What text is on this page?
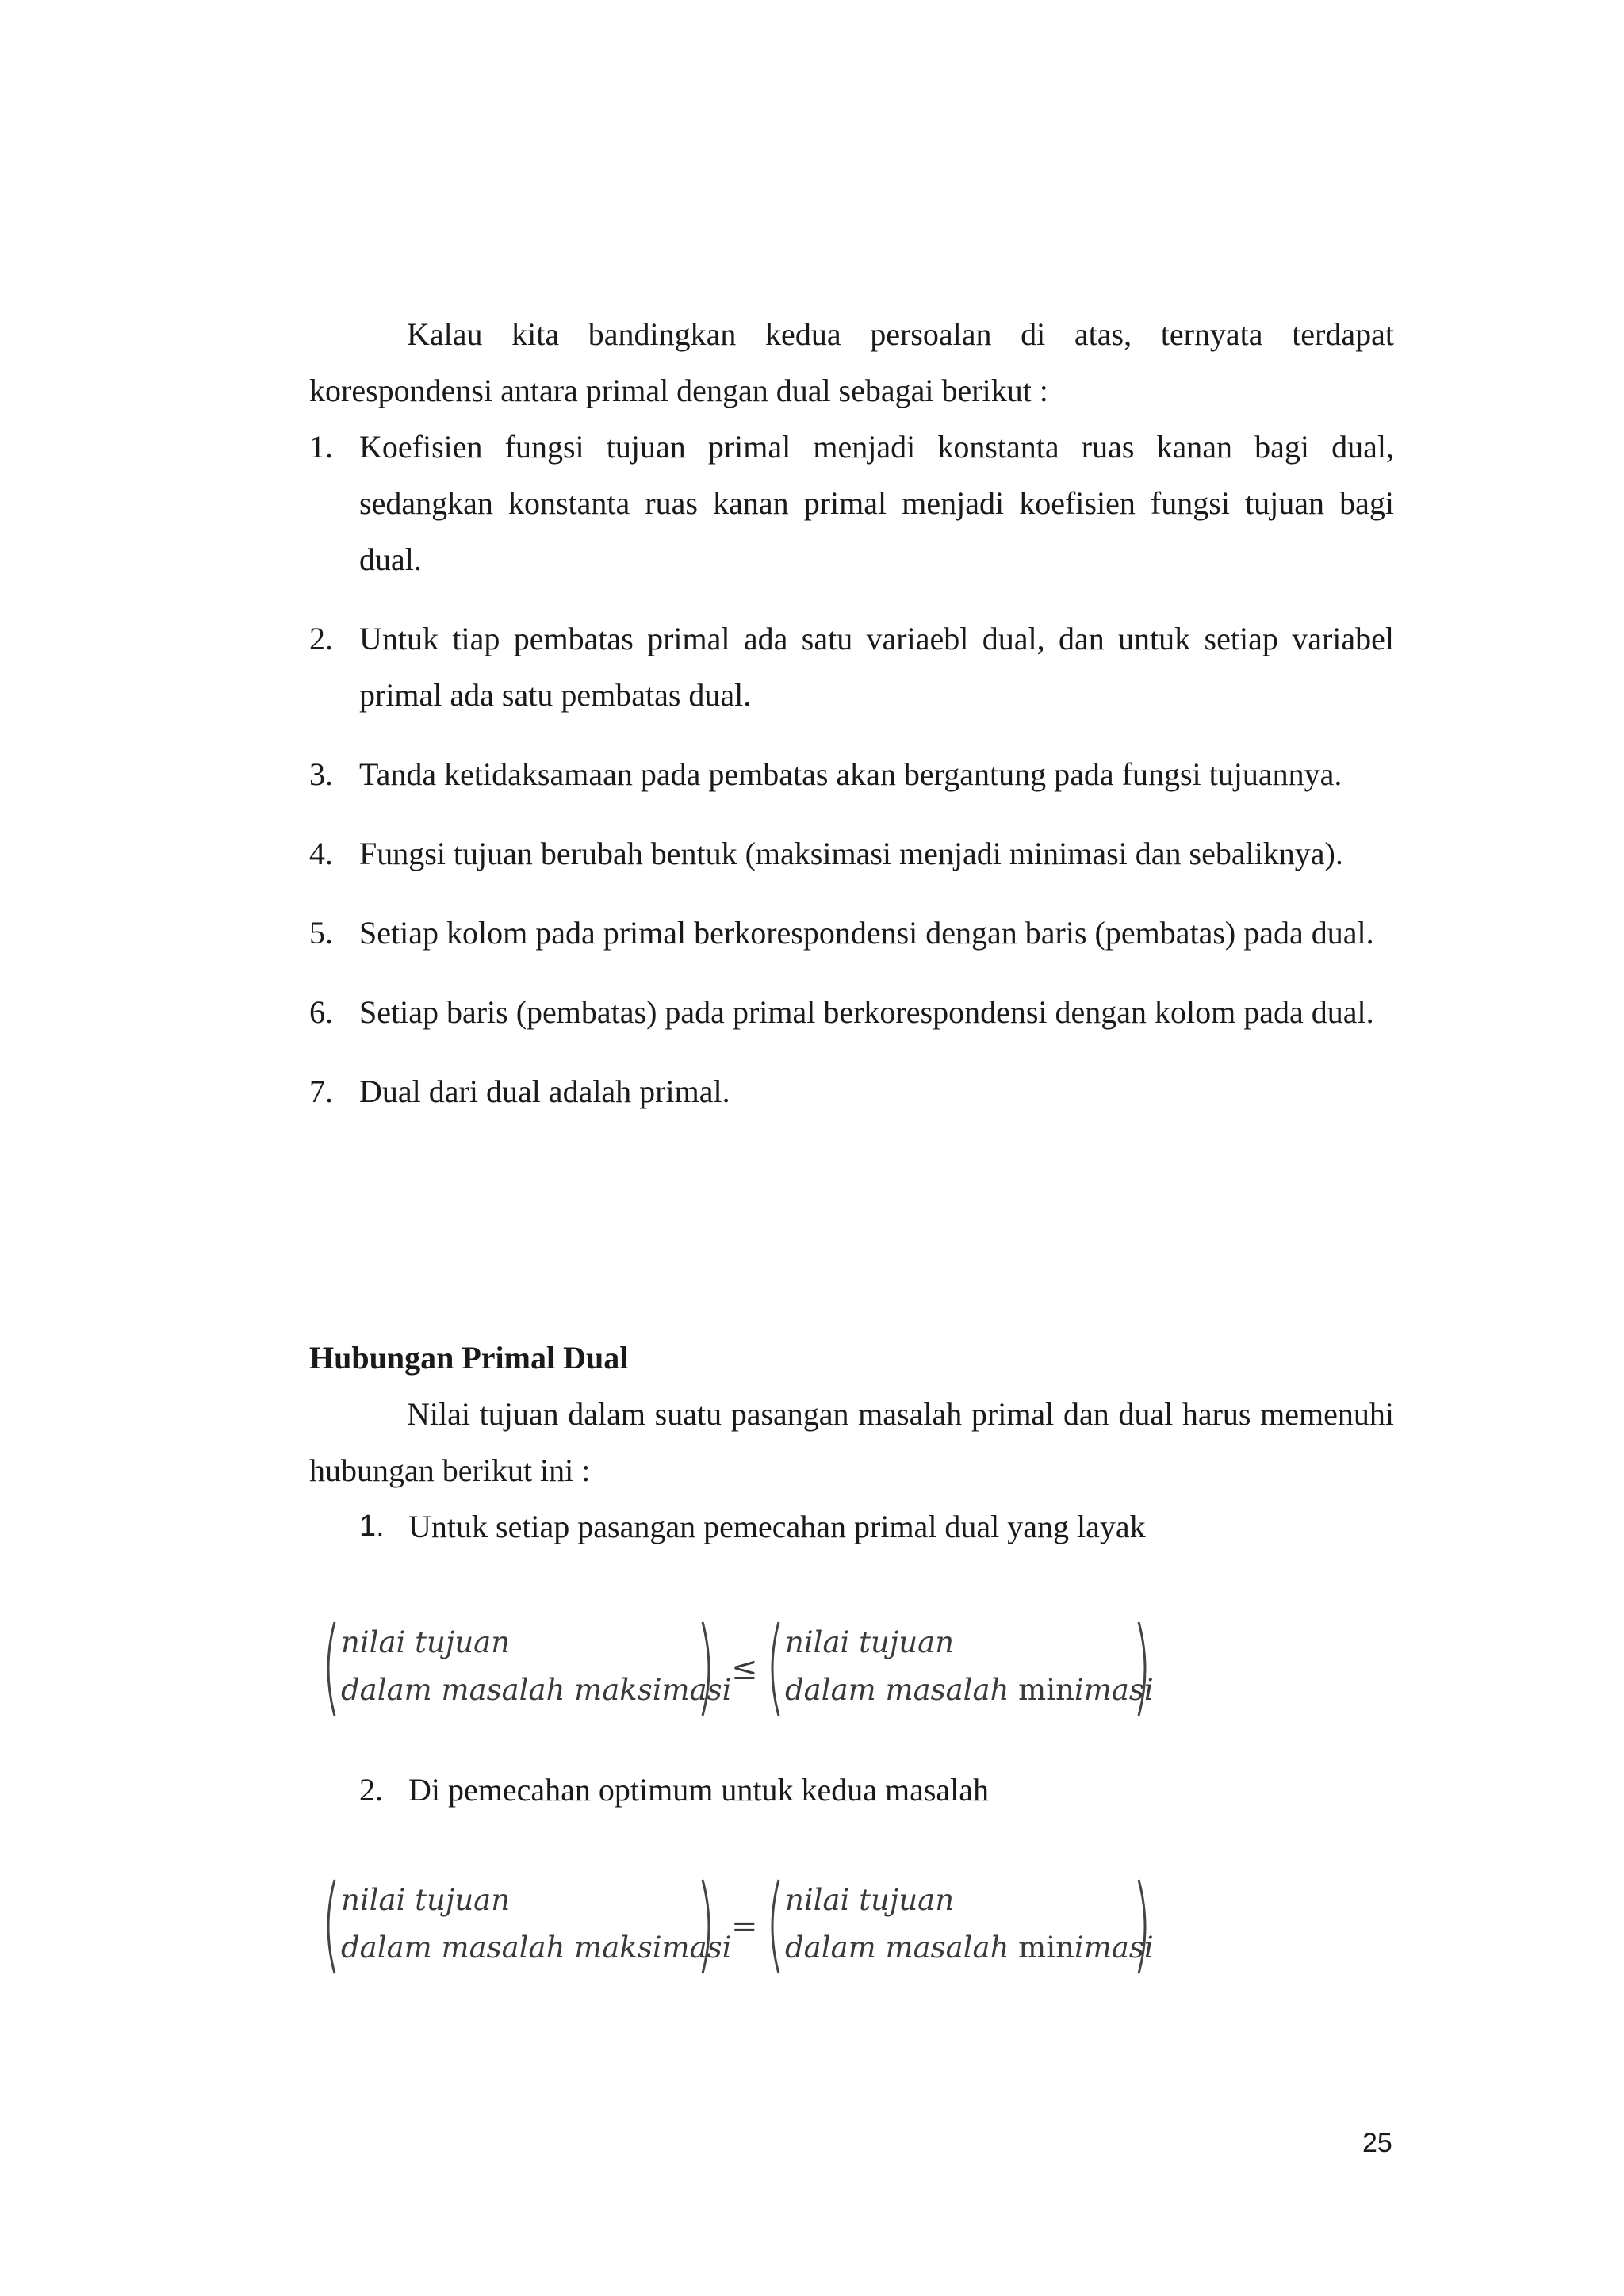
Kalau kita bandingkan kedua persoalan di atas, ternyata terdapat korespondensi antara primal dengan dual sebagai berikut :

1. Koefisien fungsi tujuan primal menjadi konstanta ruas kanan bagi dual, sedangkan konstanta ruas kanan primal menjadi koefisien fungsi tujuan bagi dual.
2. Untuk tiap pembatas primal ada satu variaebl dual, dan untuk setiap variabel primal ada satu pembatas dual.
3. Tanda ketidaksamaan pada pembatas akan bergantung pada fungsi tujuannya.
4. Fungsi tujuan berubah bentuk (maksimasi menjadi minimasi dan sebaliknya).
5. Setiap kolom pada primal berkorespondensi dengan baris (pembatas) pada dual.
6. Setiap baris (pembatas) pada primal berkorespondensi dengan kolom pada dual.
7. Dual dari dual adalah primal.
Hubungan Primal Dual

Nilai tujuan dalam suatu pasangan masalah primal dan dual harus memenuhi hubungan berikut ini :

1. Untuk setiap pasangan pemecahan primal dual yang layak
nilai tujuan
dalam masalah maksimasi
≤
nilai tujuan
dalam masalah minimasi
2. Di pemecahan optimum untuk kedua masalah
nilai tujuan
dalam masalah maksimasi
=
nilai tujuan
dalam masalah minimasi
25
